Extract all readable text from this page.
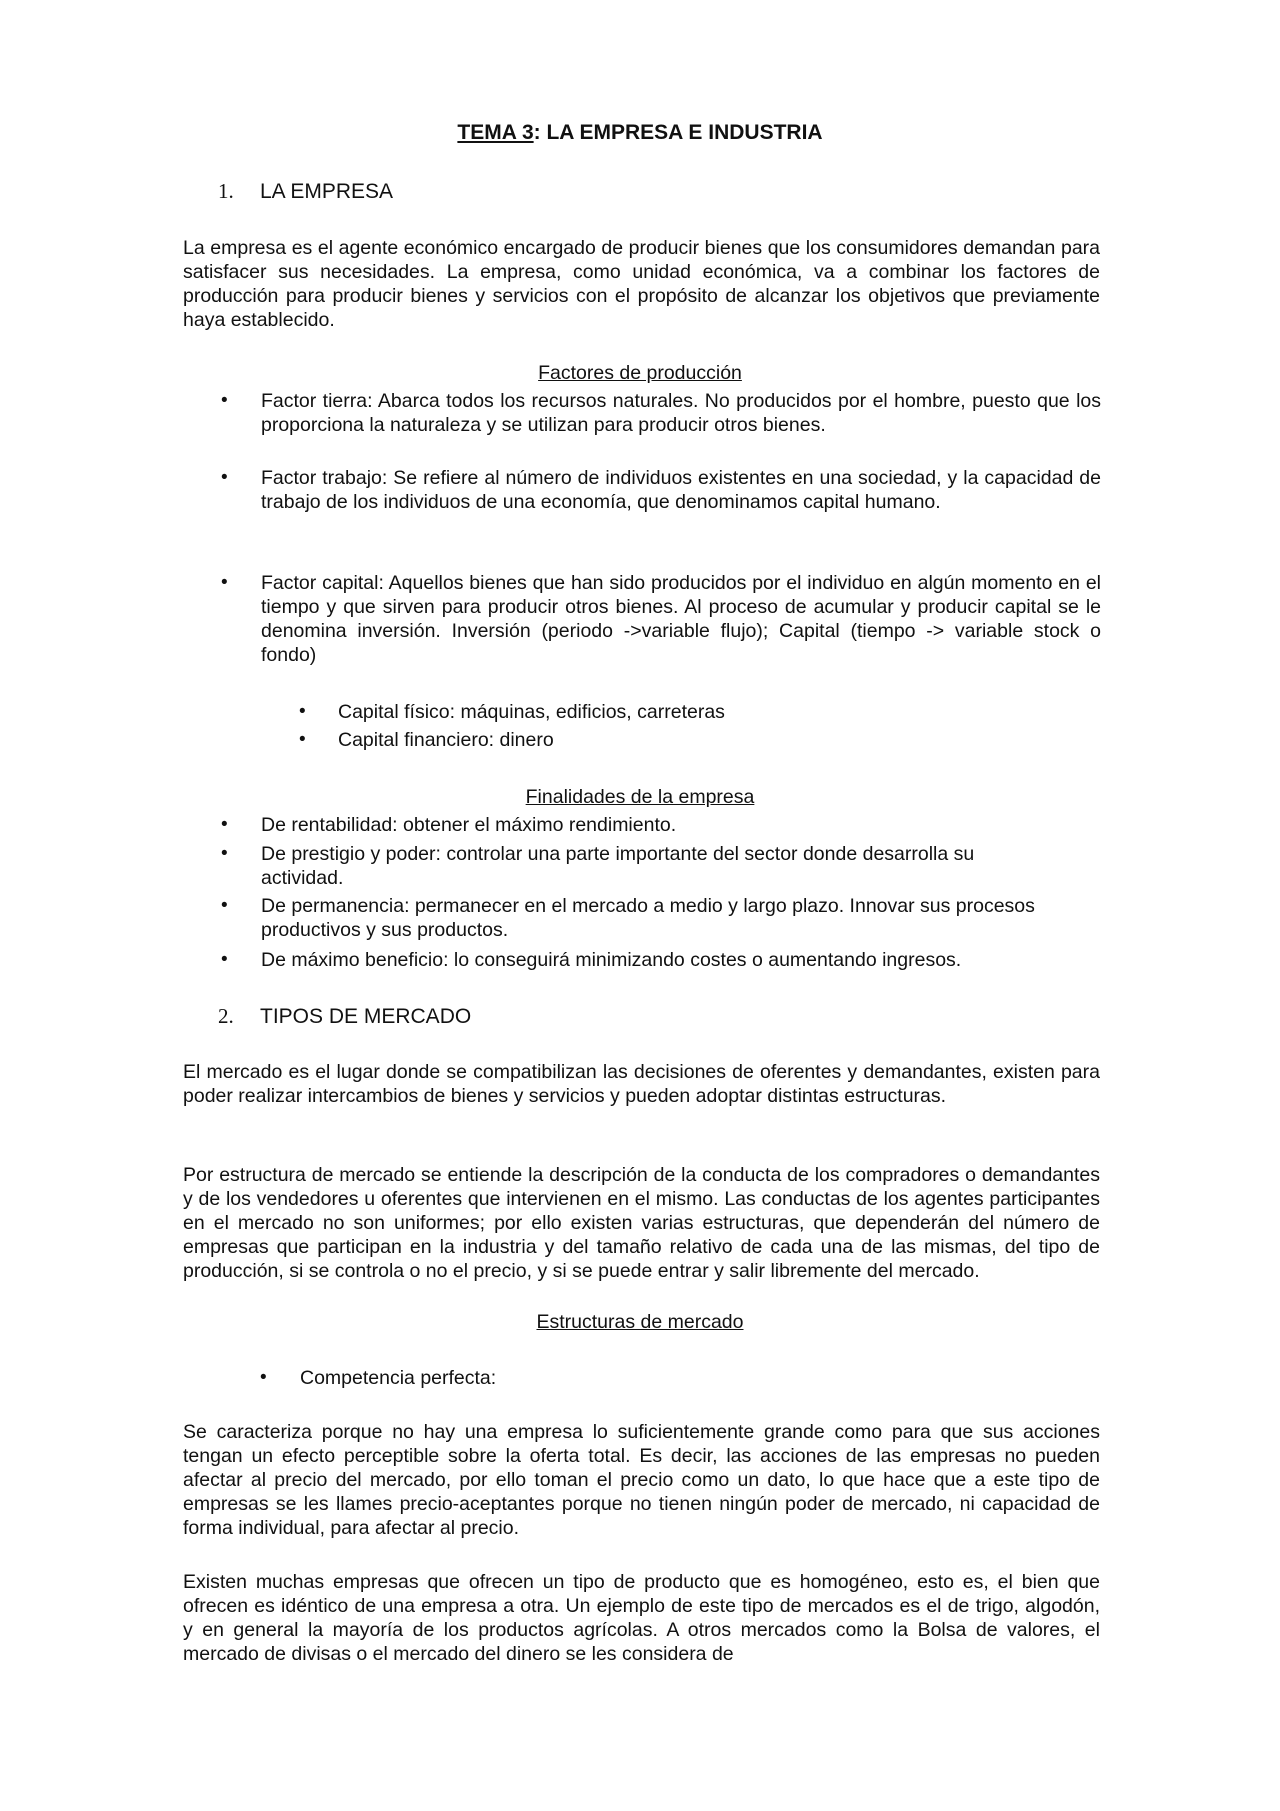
TEMA 3: LA EMPRESA E INDUSTRIA
1. LA EMPRESA

La empresa es el agente económico encargado de producir bienes que los consumidores demandan para satisfacer sus necesidades. La empresa, como unidad económica, va a combinar los factores de producción para producir bienes y servicios con el propósito de alcanzar los objetivos que previamente haya establecido.

Factores de producción

• Factor tierra: Abarca todos los recursos naturales. No producidos por el hombre, puesto que los proporciona la naturaleza y se utilizan para producir otros bienes.
• Factor trabajo: Se refiere al número de individuos existentes en una sociedad, y la capacidad de trabajo de los individuos de una economía, que denominamos capital humano.
• Factor capital: Aquellos bienes que han sido producidos por el individuo en algún momento en el tiempo y que sirven para producir otros bienes. Al proceso de acumular y producir capital se le denomina inversión. Inversión (periodo ->variable flujo); Capital (tiempo -> variable stock o fondo)
• Capital físico: máquinas, edificios, carreteras
• Capital financiero: dinero

Finalidades de la empresa

• De rentabilidad: obtener el máximo rendimiento.
• De prestigio y poder: controlar una parte importante del sector donde desarrolla su actividad.
• De permanencia: permanecer en el mercado a medio y largo plazo. Innovar sus procesos productivos y sus productos.
• De máximo beneficio: lo conseguirá minimizando costes o aumentando ingresos.
2. TIPOS DE MERCADO

El mercado es el lugar donde se compatibilizan las decisiones de oferentes y demandantes, existen para poder realizar intercambios de bienes y servicios y pueden adoptar distintas estructuras.

Por estructura de mercado se entiende la descripción de la conducta de los compradores o demandantes y de los vendedores u oferentes que intervienen en el mismo. Las conductas de los agentes participantes en el mercado no son uniformes; por ello existen varias estructuras, que dependerán del número de empresas que participan en la industria y del tamaño relativo de cada una de las mismas, del tipo de producción, si se controla o no el precio, y si se puede entrar y salir libremente del mercado.

Estructuras de mercado

• Competencia perfecta:

Se caracteriza porque no hay una empresa lo suficientemente grande como para que sus acciones tengan un efecto perceptible sobre la oferta total. Es decir, las acciones de las empresas no pueden afectar al precio del mercado, por ello toman el precio como un dato, lo que hace que a este tipo de empresas se les llames precio-aceptantes porque no tienen ningún poder de mercado, ni capacidad de forma individual, para afectar al precio.

Existen muchas empresas que ofrecen un tipo de producto que es homogéneo, esto es, el bien que ofrecen es idéntico de una empresa a otra. Un ejemplo de este tipo de mercados es el de trigo, algodón, y en general la mayoría de los productos agrícolas. A otros mercados como la Bolsa de valores, el mercado de divisas o el mercado del dinero se les considera de
